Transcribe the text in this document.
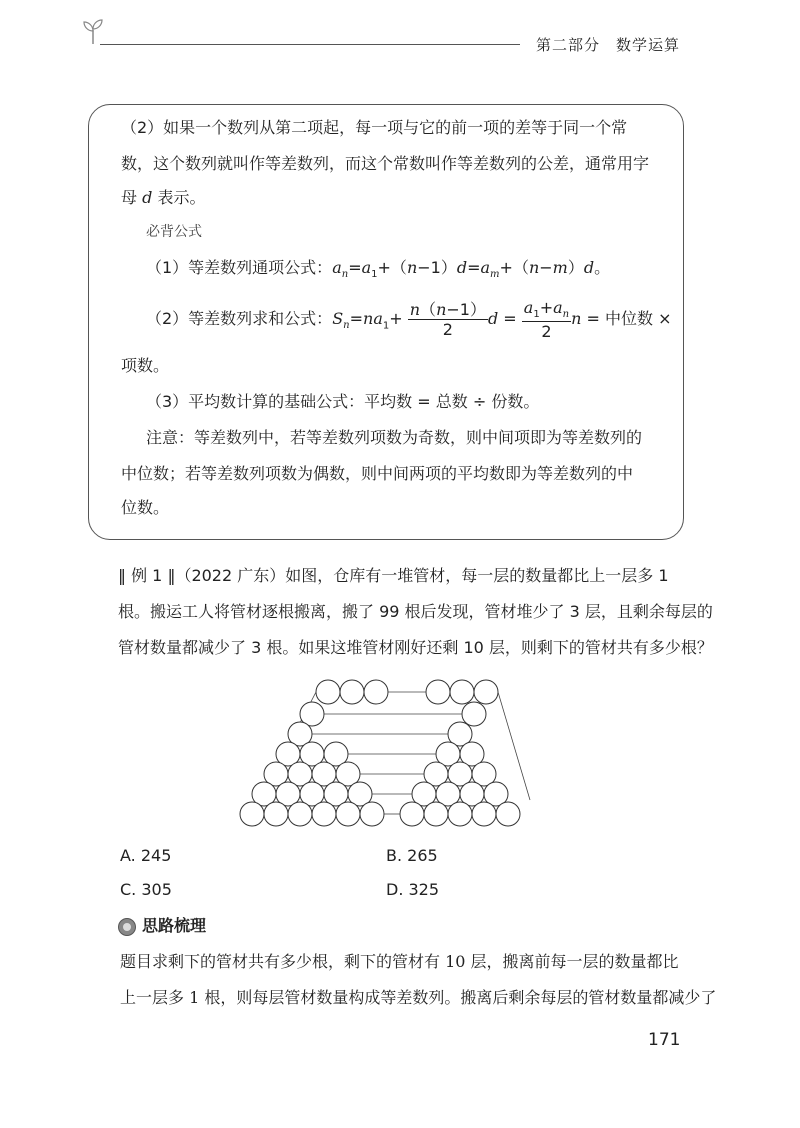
第二部分　数学运算
（2）如果一个数列从第二项起，每一项与它的前一项的差等于同一个常
数，这个数列就叫作等差数列，而这个常数叫作等差数列的公差，通常用字
母 d 表示。
必背公式
（1）等差数列通项公式：$a_n=a_1+(n-1)d=a_m+(n-m)d$。
（2）等差数列求和公式：$S_n=na_1+ \frac{n(n-1)}{2}$ $d = \frac{a_1+a_n}{2}$ n = 中位数 ×
项数。
（3）平均数计算的基础公式：平均数 = 总数 ÷ 份数。
注意：等差数列中，若等差数列项数为奇数，则中间项即为等差数列的
中位数；若等差数列项数为偶数，则中间两项的平均数即为等差数列的中
位数。
‖ 例 1 ‖（2022 广东）如图，仓库有一堆管材，每一层的数量都比上一层多 1
根。搬运工人将管材逐根搬离，搬了 99 根后发现，管材堆少了 3 层，且剩余每层的
管材数量都减少了 3 根。如果这堆管材刚好还剩 10 层，则剩下的管材共有多少根？
A. 245	B. 265
C. 305	D. 325
思路梳理
题目求剩下的管材共有多少根，剩下的管材有 10 层，搬离前每一层的数量都比
上一层多 1 根，则每层管材数量构成等差数列。搬离后剩余每层的管材数量都减少了
171
